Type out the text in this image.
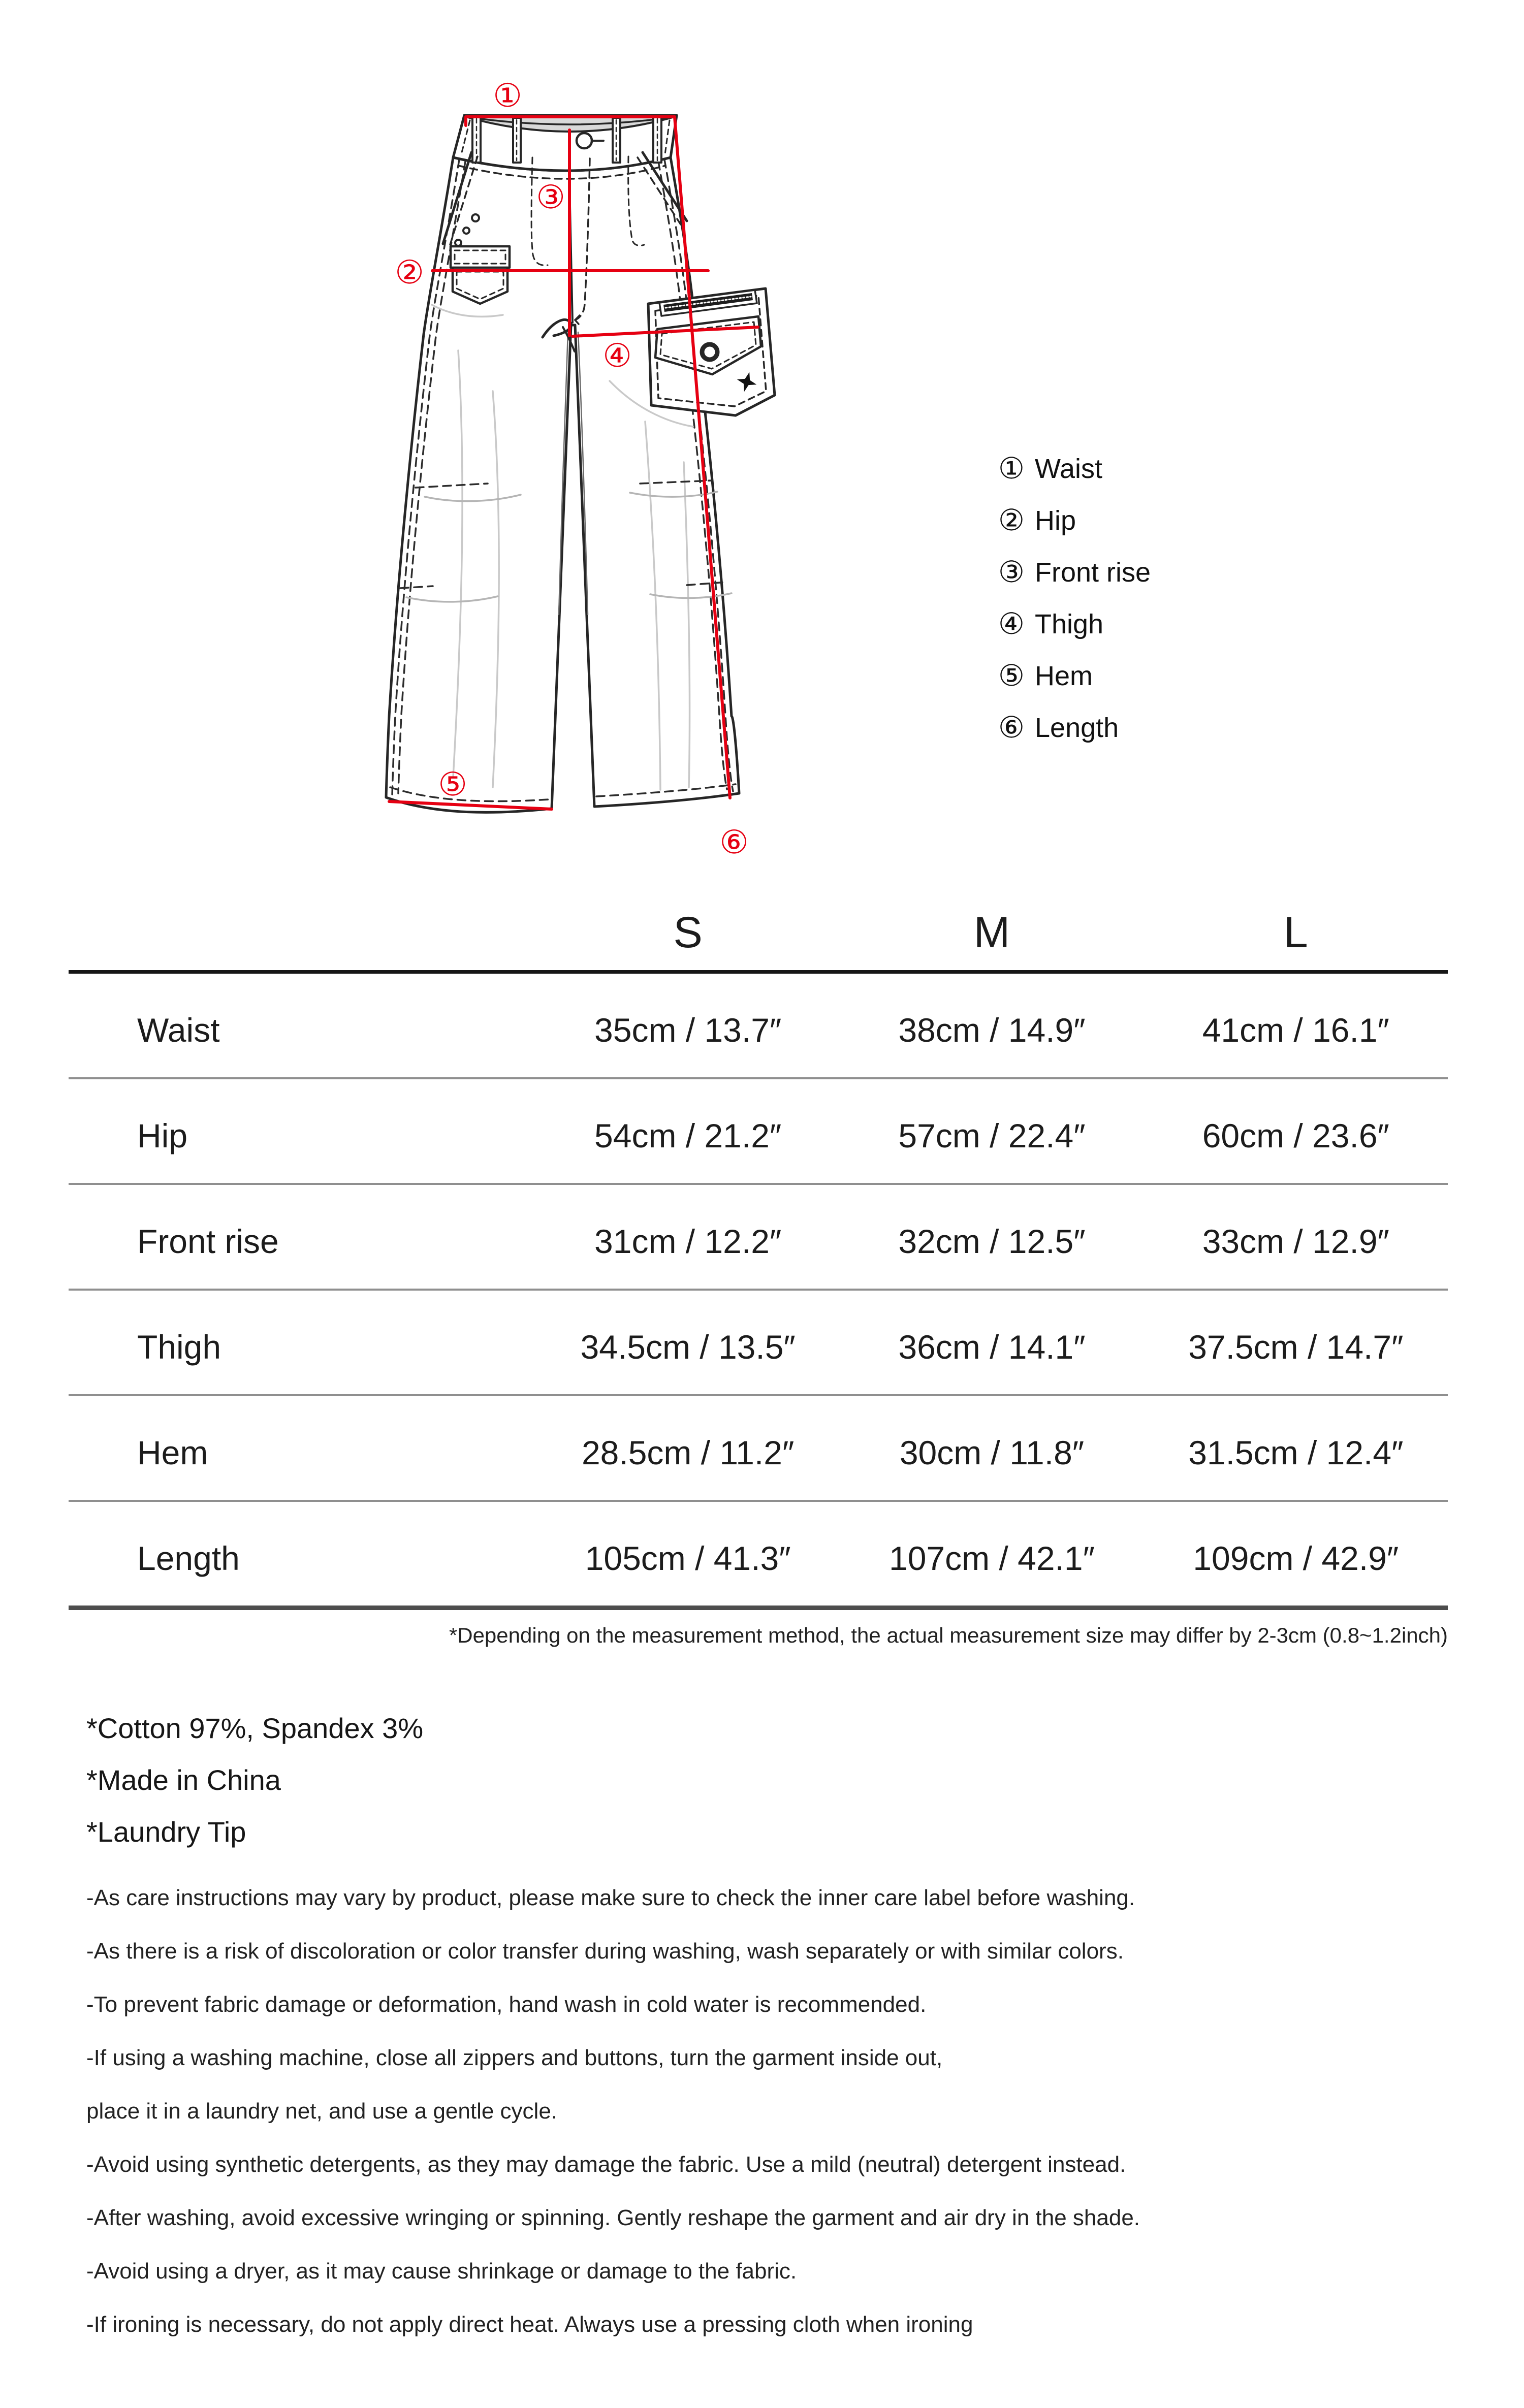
①
②
③
④
⑤
⑥
① Waist
② Hip
③ Front rise
④ Thigh
⑤ Hem
⑥ Length
S	M	L
Waist	35cm / 13.7″	38cm / 14.9″	41cm / 16.1″
Hip	54cm / 21.2″	57cm / 22.4″	60cm / 23.6″
Front rise	31cm / 12.2″	32cm / 12.5″	33cm / 12.9″
Thigh	34.5cm / 13.5″	36cm / 14.1″	37.5cm / 14.7″
Hem	28.5cm / 11.2″	30cm / 11.8″	31.5cm / 12.4″
Length	105cm / 41.3″	107cm / 42.1″	109cm / 42.9″
*Depending on the measurement method, the actual measurement size may differ by 2-3cm (0.8~1.2inch)
*Cotton 97%, Spandex 3%
*Made in China
*Laundry Tip
-As care instructions may vary by product, please make sure to check the inner care label before washing.
-As there is a risk of discoloration or color transfer during washing, wash separately or with similar colors.
-To prevent fabric damage or deformation, hand wash in cold water is recommended.
-If using a washing machine, close all zippers and buttons, turn the garment inside out,
place it in a laundry net, and use a gentle cycle.
-Avoid using synthetic detergents, as they may damage the fabric. Use a mild (neutral) detergent instead.
-After washing, avoid excessive wringing or spinning. Gently reshape the garment and air dry in the shade.
-Avoid using a dryer, as it may cause shrinkage or damage to the fabric.
-If ironing is necessary, do not apply direct heat. Always use a pressing cloth when ironing
